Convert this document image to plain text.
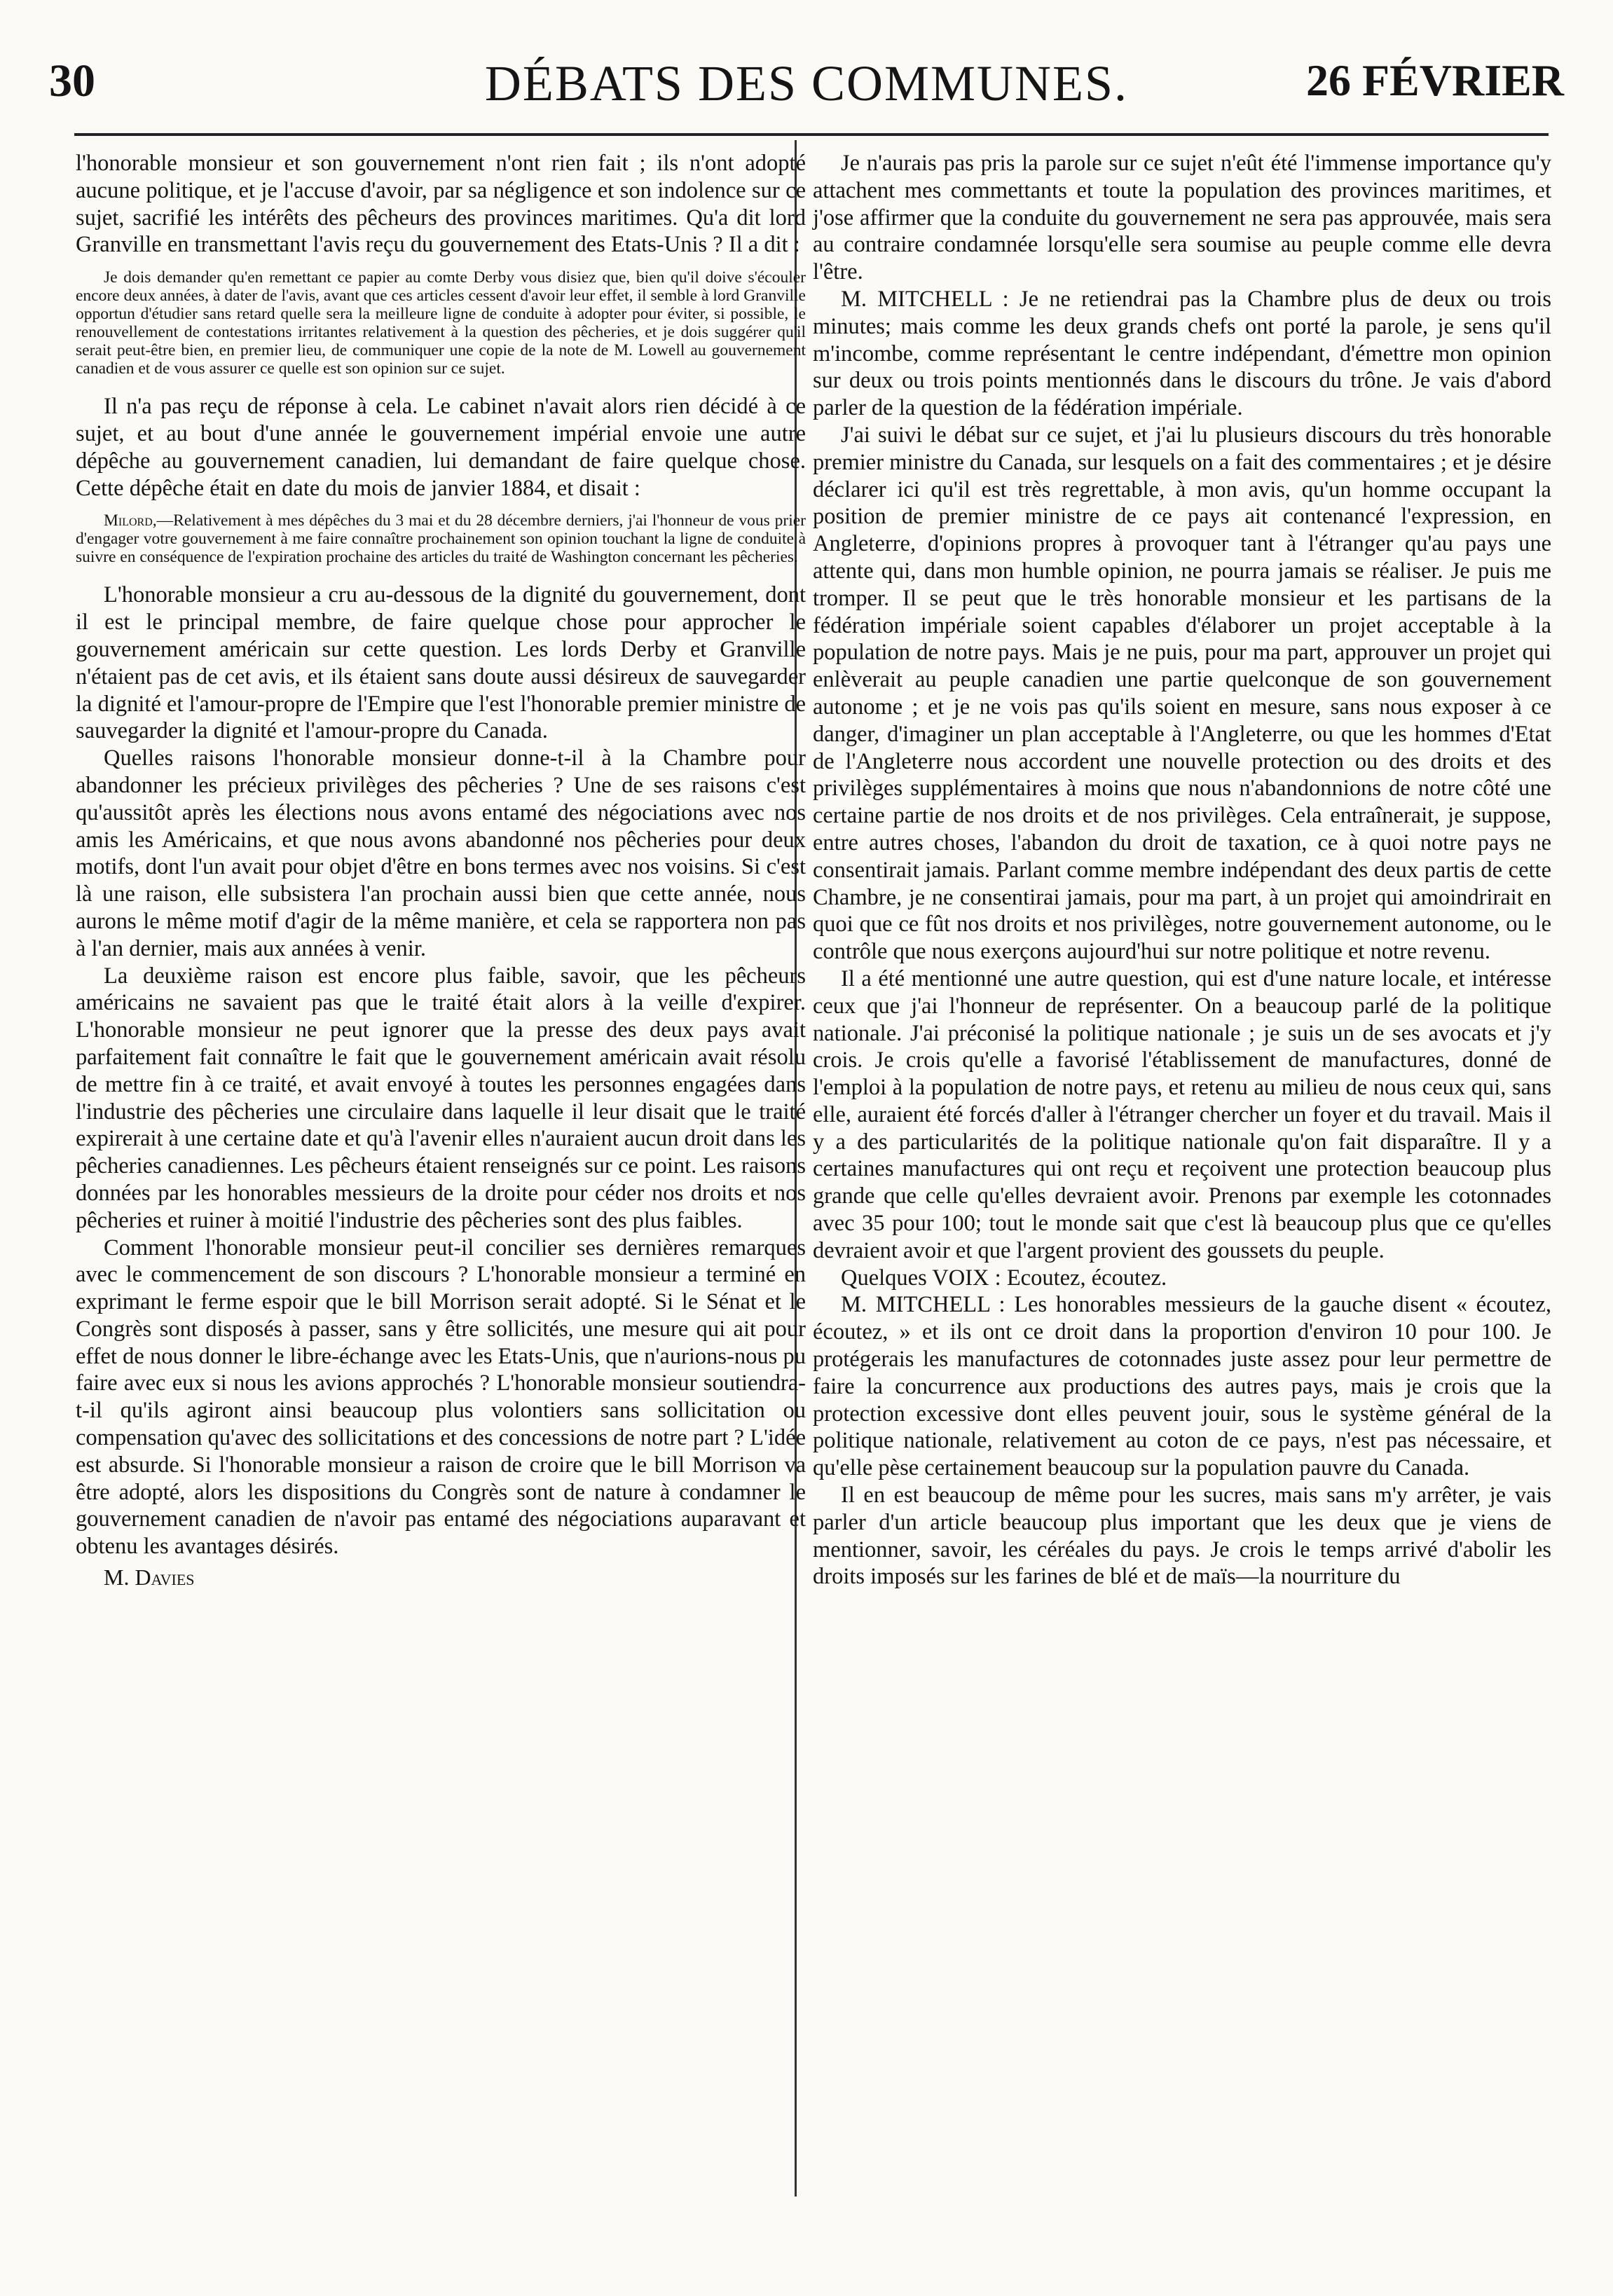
30	DÉBATS DES COMMUNES.	26 FÉVRIER

l'honorable monsieur et son gouvernement n'ont rien fait ; ils n'ont adopté aucune politique, et je l'accuse d'avoir, par sa négligence et son indolence sur ce sujet, sacrifié les intérêts des pêcheurs des provinces maritimes. Qu'a dit lord Granville en transmettant l'avis reçu du gouvernement des Etats-Unis ? Il a dit :

Je dois demander qu'en remettant ce papier au comte Derby vous disiez que, bien qu'il doive s'écouler encore deux années, à dater de l'avis, avant que ces articles cessent d'avoir leur effet, il semble à lord Granville opportun d'étudier sans retard quelle sera la meilleure ligne de conduite à adopter pour éviter, si possible, le renouvellement de contestations irritantes relativement à la question des pêcheries, et je dois suggérer qu'il serait peut-être bien, en premier lieu, de communiquer une copie de la note de M. Lowell au gouvernement canadien et de vous assurer ce quelle est son opinion sur ce sujet.

Il n'a pas reçu de réponse à cela. Le cabinet n'avait alors rien décidé à ce sujet, et au bout d'une année le gouvernement impérial envoie une autre dépêche au gouvernement canadien, lui demandant de faire quelque chose. Cette dépêche était en date du mois de janvier 1884, et disait :

Milord,—Relativement à mes dépêches du 3 mai et du 28 décembre derniers, j'ai l'honneur de vous prier d'engager votre gouvernement à me faire connaître prochainement son opinion touchant la ligne de conduite à suivre en conséquence de l'expiration prochaine des articles du traité de Washington concernant les pêcheries.

L'honorable monsieur a cru au-dessous de la dignité du gouvernement, dont il est le principal membre, de faire quelque chose pour approcher le gouvernement américain sur cette question. Les lords Derby et Granville n'étaient pas de cet avis, et ils étaient sans doute aussi désireux de sauvegarder la dignité et l'amour-propre de l'Empire que l'est l'honorable premier ministre de sauvegarder la dignité et l'amour-propre du Canada.

Quelles raisons l'honorable monsieur donne-t-il à la Chambre pour abandonner les précieux privilèges des pêcheries ? Une de ses raisons c'est qu'aussitôt après les élections nous avons entamé des négociations avec nos amis les Américains, et que nous avons abandonné nos pêcheries pour deux motifs, dont l'un avait pour objet d'être en bons termes avec nos voisins. Si c'est là une raison, elle subsistera l'an prochain aussi bien que cette année, nous aurons le même motif d'agir de la même manière, et cela se rapportera non pas à l'an dernier, mais aux années à venir.

La deuxième raison est encore plus faible, savoir, que les pêcheurs américains ne savaient pas que le traité était alors à la veille d'expirer. L'honorable monsieur ne peut ignorer que la presse des deux pays avait parfaitement fait connaître le fait que le gouvernement américain avait résolu de mettre fin à ce traité, et avait envoyé à toutes les personnes engagées dans l'industrie des pêcheries une circulaire dans laquelle il leur disait que le traité expirerait à une certaine date et qu'à l'avenir elles n'auraient aucun droit dans les pêcheries canadiennes. Les pêcheurs étaient renseignés sur ce point. Les raisons données par les honorables messieurs de la droite pour céder nos droits et nos pêcheries et ruiner à moitié l'industrie des pêcheries sont des plus faibles.

Comment l'honorable monsieur peut-il concilier ses dernières remarques avec le commencement de son discours ? L'honorable monsieur a terminé en exprimant le ferme espoir que le bill Morrison serait adopté. Si le Sénat et le Congrès sont disposés à passer, sans y être sollicités, une mesure qui ait pour effet de nous donner le libre-échange avec les Etats-Unis, que n'aurions-nous pu faire avec eux si nous les avions approchés ? L'honorable monsieur soutiendra-t-il qu'ils agiront ainsi beaucoup plus volontiers sans sollicitation ou compensation qu'avec des sollicitations et des concessions de notre part ? L'idée est absurde. Si l'honorable monsieur a raison de croire que le bill Morrison va être adopté, alors les dispositions du Congrès sont de nature à condamner le gouvernement canadien de n'avoir pas entamé des négociations auparavant et obtenu les avantages désirés.

M. Davies

Je n'aurais pas pris la parole sur ce sujet n'eût été l'immense importance qu'y attachent mes commettants et toute la population des provinces maritimes, et j'ose affirmer que la conduite du gouvernement ne sera pas approuvée, mais sera au contraire condamnée lorsqu'elle sera soumise au peuple comme elle devra l'être.

M. MITCHELL : Je ne retiendrai pas la Chambre plus de deux ou trois minutes; mais comme les deux grands chefs ont porté la parole, je sens qu'il m'incombe, comme représentant le centre indépendant, d'émettre mon opinion sur deux ou trois points mentionnés dans le discours du trône. Je vais d'abord parler de la question de la fédération impériale.

J'ai suivi le débat sur ce sujet, et j'ai lu plusieurs discours du très honorable premier ministre du Canada, sur lesquels on a fait des commentaires ; et je désire déclarer ici qu'il est très regrettable, à mon avis, qu'un homme occupant la position de premier ministre de ce pays ait contenancé l'expression, en Angleterre, d'opinions propres à provoquer tant à l'étranger qu'au pays une attente qui, dans mon humble opinion, ne pourra jamais se réaliser. Je puis me tromper. Il se peut que le très honorable monsieur et les partisans de la fédération impériale soient capables d'élaborer un projet acceptable à la population de notre pays. Mais je ne puis, pour ma part, approuver un projet qui enlèverait au peuple canadien une partie quelconque de son gouvernement autonome ; et je ne vois pas qu'ils soient en mesure, sans nous exposer à ce danger, d'imaginer un plan acceptable à l'Angleterre, ou que les hommes d'Etat de l'Angleterre nous accordent une nouvelle protection ou des droits et des privilèges supplémentaires à moins que nous n'abandonnions de notre côté une certaine partie de nos droits et de nos privilèges. Cela entraînerait, je suppose, entre autres choses, l'abandon du droit de taxation, ce à quoi notre pays ne consentirait jamais. Parlant comme membre indépendant des deux partis de cette Chambre, je ne consentirai jamais, pour ma part, à un projet qui amoindrirait en quoi que ce fût nos droits et nos privilèges, notre gouvernement autonome, ou le contrôle que nous exerçons aujourd'hui sur notre politique et notre revenu.

Il a été mentionné une autre question, qui est d'une nature locale, et intéresse ceux que j'ai l'honneur de représenter. On a beaucoup parlé de la politique nationale. J'ai préconisé la politique nationale ; je suis un de ses avocats et j'y crois. Je crois qu'elle a favorisé l'établissement de manufactures, donné de l'emploi à la population de notre pays, et retenu au milieu de nous ceux qui, sans elle, auraient été forcés d'aller à l'étranger chercher un foyer et du travail. Mais il y a des particularités de la politique nationale qu'on fait disparaître. Il y a certaines manufactures qui ont reçu et reçoivent une protection beaucoup plus grande que celle qu'elles devraient avoir. Prenons par exemple les cotonnades avec 35 pour 100; tout le monde sait que c'est là beaucoup plus que ce qu'elles devraient avoir et que l'argent provient des goussets du peuple.

Quelques VOIX : Ecoutez, écoutez.

M. MITCHELL : Les honorables messieurs de la gauche disent « écoutez, écoutez, » et ils ont ce droit dans la proportion d'environ 10 pour 100. Je protégerais les manufactures de cotonnades juste assez pour leur permettre de faire la concurrence aux productions des autres pays, mais je crois que la protection excessive dont elles peuvent jouir, sous le système général de la politique nationale, relativement au coton de ce pays, n'est pas nécessaire, et qu'elle pèse certainement beaucoup sur la population pauvre du Canada.

Il en est beaucoup de même pour les sucres, mais sans m'y arrêter, je vais parler d'un article beaucoup plus important que les deux que je viens de mentionner, savoir, les céréales du pays. Je crois le temps arrivé d'abolir les droits imposés sur les farines de blé et de maïs—la nourriture du
